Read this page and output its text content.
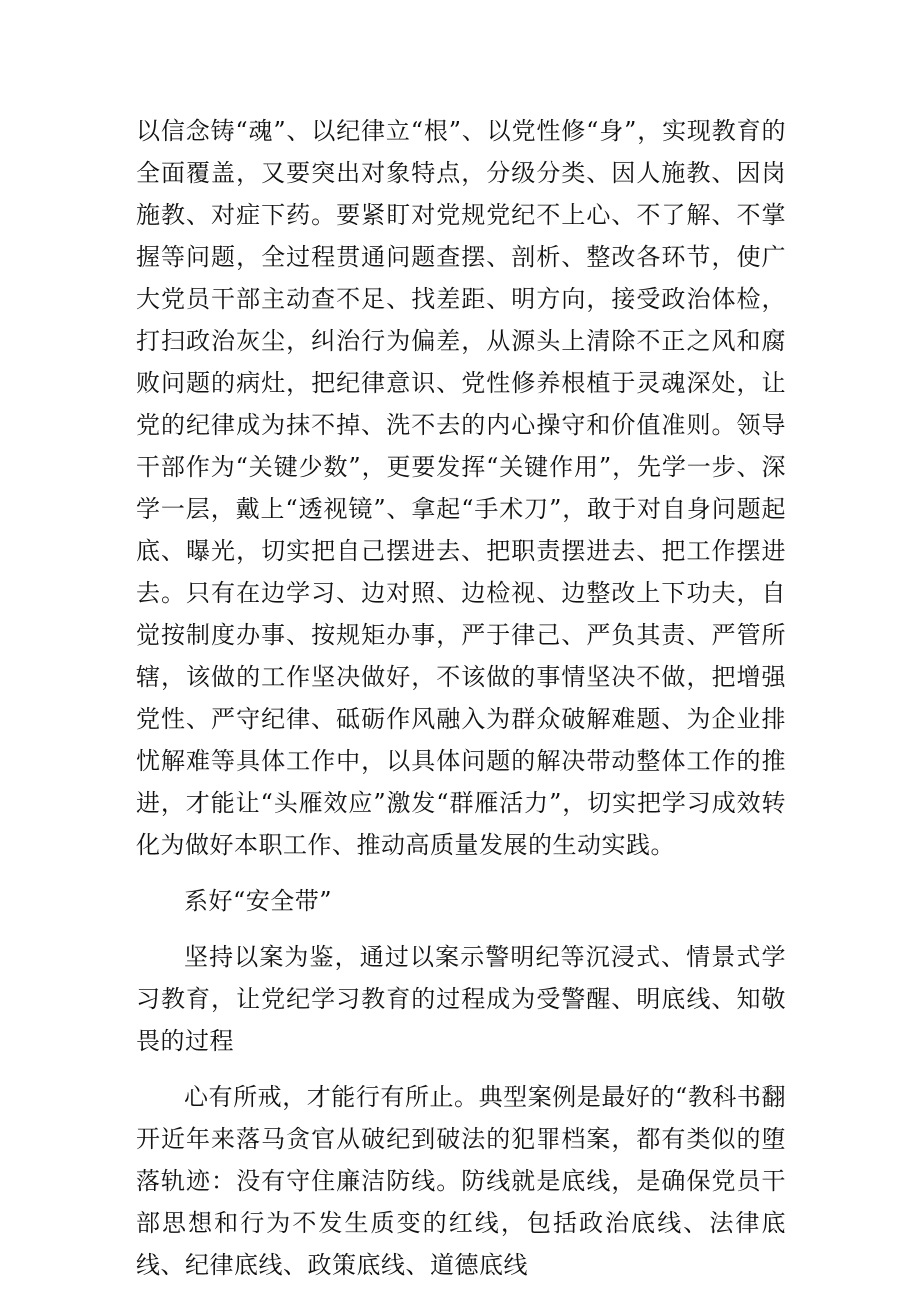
以信念铸“魂”、以纪律立“根”、以党性修“身”，实现教育的全面覆盖，又要突出对象特点，分级分类、因人施教、因岗施教、对症下药。要紧盯对党规党纪不上心、不了解、不掌握等问题，全过程贯通问题查摆、剖析、整改各环节，使广大党员干部主动查不足、找差距、明方向，接受政治体检，打扫政治灰尘，纠治行为偏差，从源头上清除不正之风和腐败问题的病灶，把纪律意识、党性修养根植于灵魂深处，让党的纪律成为抹不掉、洗不去的内心操守和价值准则。领导干部作为“关键少数”，更要发挥“关键作用”，先学一步、深学一层，戴上“透视镜”、拿起“手术刀”，敢于对自身问题起底、曝光，切实把自己摆进去、把职责摆进去、把工作摆进去。只有在边学习、边对照、边检视、边整改上下功夫，自觉按制度办事、按规矩办事，严于律己、严负其责、严管所辖，该做的工作坚决做好，不该做的事情坚决不做，把增强党性、严守纪律、砥砺作风融入为群众破解难题、为企业排忧解难等具体工作中，以具体问题的解决带动整体工作的推进，才能让“头雁效应”激发“群雁活力”，切实把学习成效转化为做好本职工作、推动高质量发展的生动实践。

系好“安全带”

坚持以案为鉴，通过以案示警明纪等沉浸式、情景式学习教育，让党纪学习教育的过程成为受警醒、明底线、知敬畏的过程

心有所戒，才能行有所止。典型案例是最好的“教科书翻开近年来落马贪官从破纪到破法的犯罪档案，都有类似的堕落轨迹：没有守住廉洁防线。防线就是底线，是确保党员干部思想和行为不发生质变的红线，包括政治底线、法律底线、纪律底线、政策底线、道德底线
